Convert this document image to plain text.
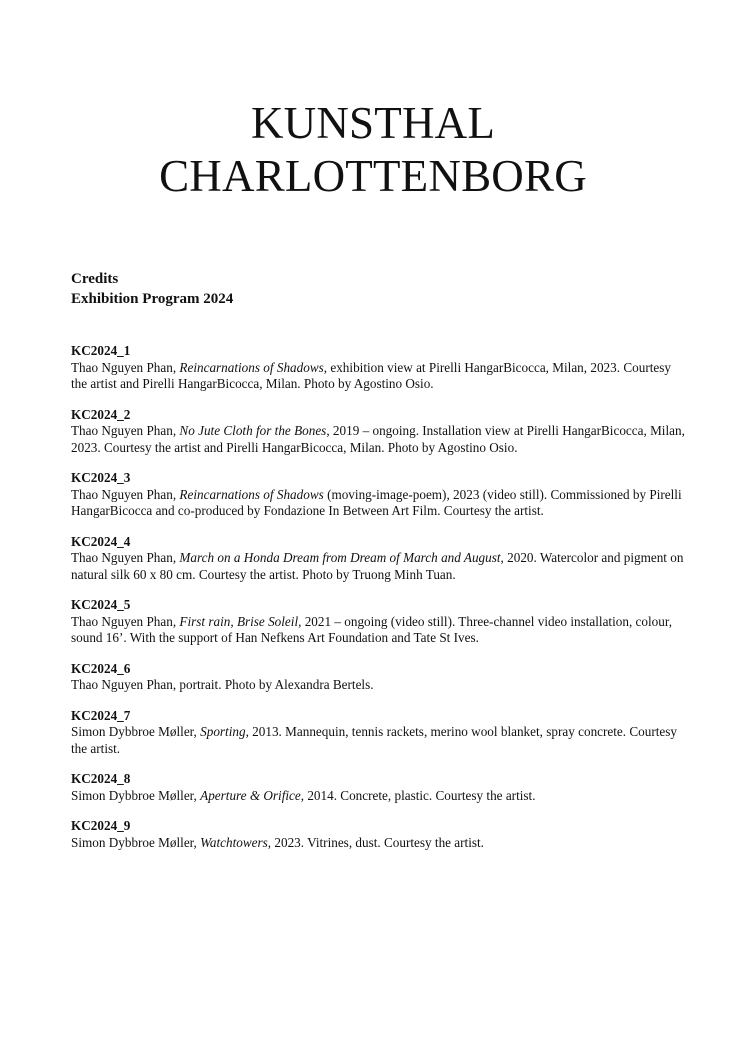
KUNSTHAL
CHARLOTTENBORG
Credits
Exhibition Program 2024
KC2024_1
Thao Nguyen Phan, Reincarnations of Shadows, exhibition view at Pirelli HangarBicocca, Milan, 2023. Courtesy the artist and Pirelli HangarBicocca, Milan. Photo by Agostino Osio.
KC2024_2
Thao Nguyen Phan, No Jute Cloth for the Bones, 2019 – ongoing. Installation view at Pirelli HangarBicocca, Milan, 2023. Courtesy the artist and Pirelli HangarBicocca, Milan. Photo by Agostino Osio.
KC2024_3
Thao Nguyen Phan, Reincarnations of Shadows (moving-image-poem), 2023 (video still). Commissioned by Pirelli HangarBicocca and co-produced by Fondazione In Between Art Film. Courtesy the artist.
KC2024_4
Thao Nguyen Phan, March on a Honda Dream from Dream of March and August, 2020. Watercolor and pigment on natural silk 60 x 80 cm. Courtesy the artist. Photo by Truong Minh Tuan.
KC2024_5
Thao Nguyen Phan, First rain, Brise Soleil, 2021 – ongoing (video still). Three-channel video installation, colour, sound 16’. With the support of Han Nefkens Art Foundation and Tate St Ives.
KC2024_6
Thao Nguyen Phan, portrait. Photo by Alexandra Bertels.
KC2024_7
Simon Dybbroe Møller, Sporting, 2013. Mannequin, tennis rackets, merino wool blanket, spray concrete. Courtesy the artist.
KC2024_8
Simon Dybbroe Møller, Aperture & Orifice, 2014. Concrete, plastic. Courtesy the artist.
KC2024_9
Simon Dybbroe Møller, Watchtowers, 2023. Vitrines, dust. Courtesy the artist.
